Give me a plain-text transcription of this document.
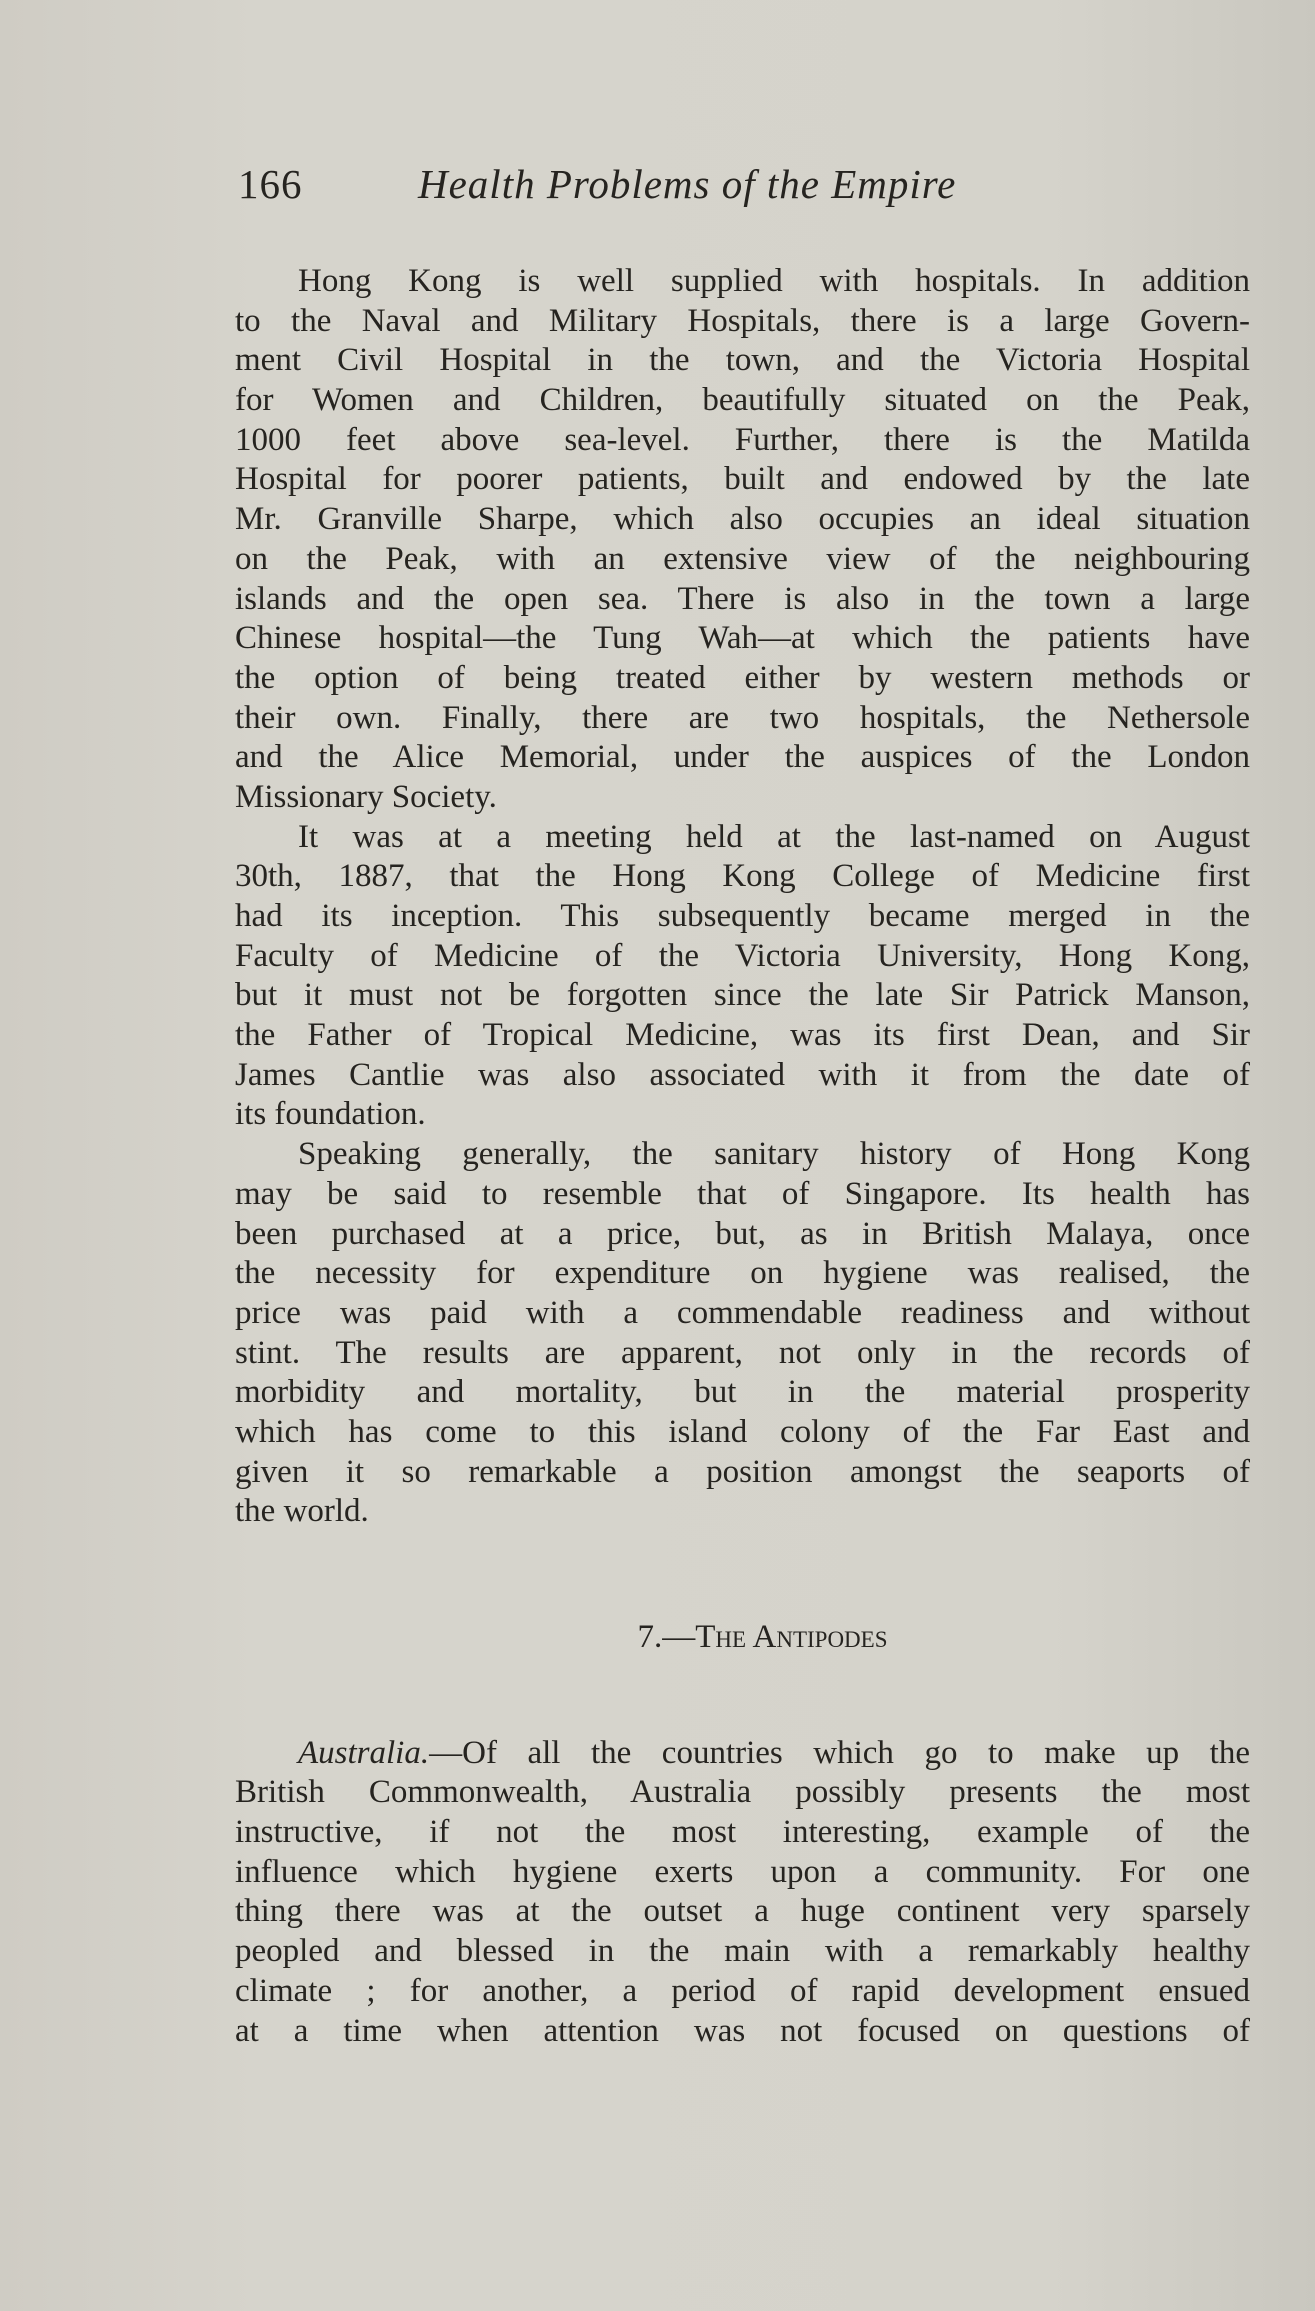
166	Health Problems of the Empire
Hong Kong is well supplied with hospitals. In addition
to the Naval and Military Hospitals, there is a large Govern-
ment Civil Hospital in the town, and the Victoria Hospital
for Women and Children, beautifully situated on the Peak,
1000 feet above sea-level. Further, there is the Matilda
Hospital for poorer patients, built and endowed by the late
Mr. Granville Sharpe, which also occupies an ideal situation
on the Peak, with an extensive view of the neighbouring
islands and the open sea. There is also in the town a large
Chinese hospital—the Tung Wah—at which the patients have
the option of being treated either by western methods or
their own. Finally, there are two hospitals, the Nethersole
and the Alice Memorial, under the auspices of the London
Missionary Society.
It was at a meeting held at the last-named on August
30th, 1887, that the Hong Kong College of Medicine first
had its inception. This subsequently became merged in the
Faculty of Medicine of the Victoria University, Hong Kong,
but it must not be forgotten since the late Sir Patrick Manson,
the Father of Tropical Medicine, was its first Dean, and Sir
James Cantlie was also associated with it from the date of
its foundation.
Speaking generally, the sanitary history of Hong Kong
may be said to resemble that of Singapore. Its health has
been purchased at a price, but, as in British Malaya, once
the necessity for expenditure on hygiene was realised, the
price was paid with a commendable readiness and without
stint. The results are apparent, not only in the records of
morbidity and mortality, but in the material prosperity
which has come to this island colony of the Far East and
given it so remarkable a position amongst the seaports of
the world.
7.—The Antipodes
Australia.—Of all the countries which go to make up the
British Commonwealth, Australia possibly presents the most
instructive, if not the most interesting, example of the
influence which hygiene exerts upon a community. For one
thing there was at the outset a huge continent very sparsely
peopled and blessed in the main with a remarkably healthy
climate ; for another, a period of rapid development ensued
at a time when attention was not focused on questions of
